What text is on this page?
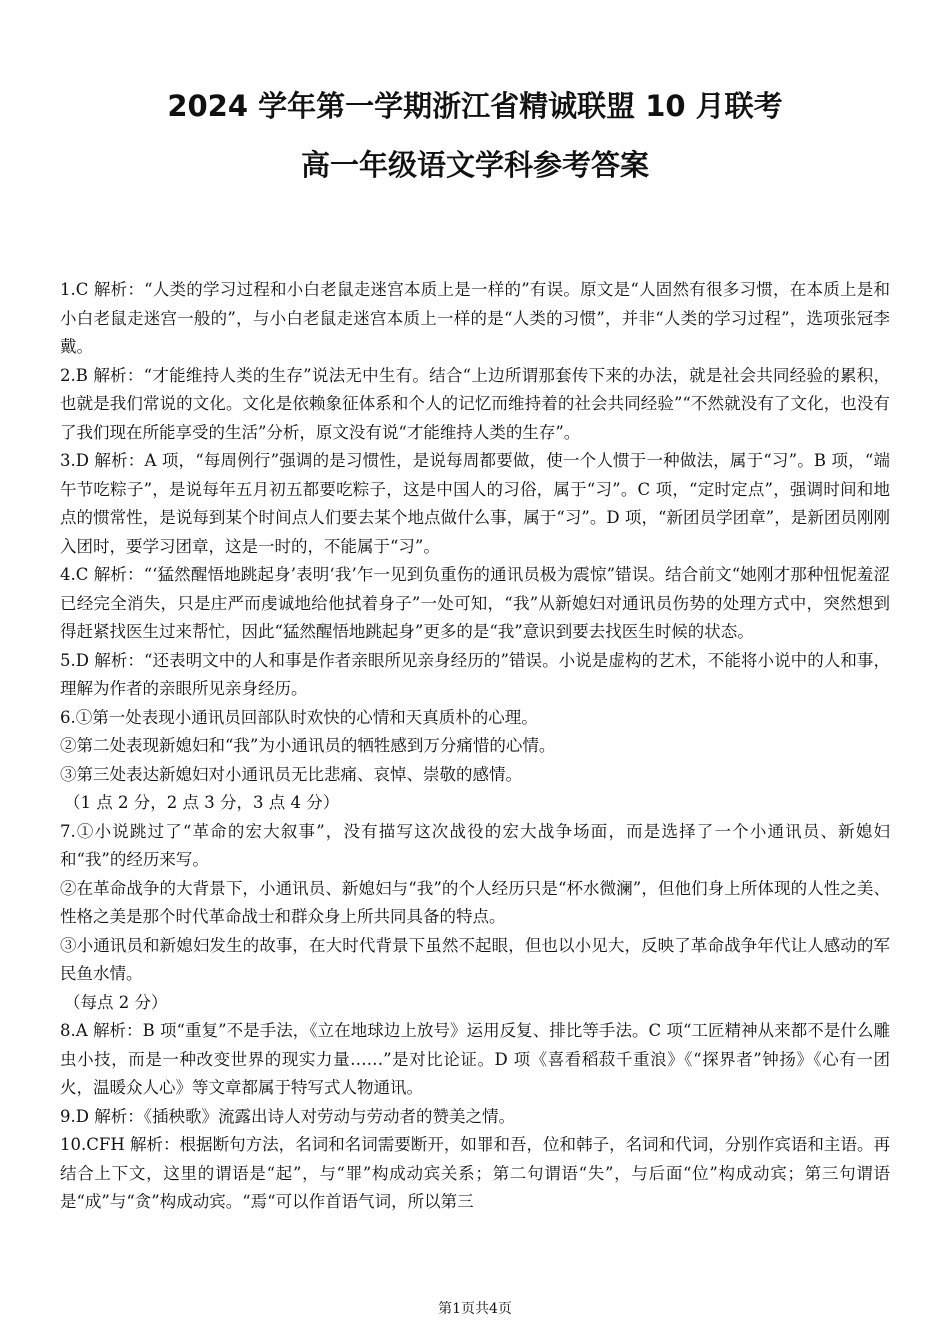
2024 学年第一学期浙江省精诚联盟 10 月联考
高一年级语文学科参考答案

1.C 解析：“人类的学习过程和小白老鼠走迷宫本质上是一样的”有误。原文是“人固然有很多习惯，在本质上是和小白老鼠走迷宫一般的”，与小白老鼠走迷宫本质上一样的是“人类的习惯”，并非“人类的学习过程”，选项张冠李戴。

2.B 解析：“才能维持人类的生存”说法无中生有。结合“上边所谓那套传下来的办法，就是社会共同经验的累积，也就是我们常说的文化。文化是依赖象征体系和个人的记忆而维持着的社会共同经验”“不然就没有了文化，也没有了我们现在所能享受的生活”分析，原文没有说“才能维持人类的生存”。

3.D 解析：A 项，“每周例行”强调的是习惯性，是说每周都要做，使一个人惯于一种做法，属于“习”。B 项，“端午节吃粽子”，是说每年五月初五都要吃粽子，这是中国人的习俗，属于“习”。C 项，“定时定点”，强调时间和地点的惯常性，是说每到某个时间点人们要去某个地点做什么事，属于“习”。D 项，“新团员学团章”，是新团员刚刚入团时，要学习团章，这是一时的，不能属于“习”。

4.C 解析：“‘猛然醒悟地跳起身’表明‘我’乍一见到负重伤的通讯员极为震惊”错误。结合前文“她刚才那种忸怩羞涩已经完全消失，只是庄严而虔诚地给他拭着身子”一处可知，“我”从新媳妇对通讯员伤势的处理方式中，突然想到得赶紧找医生过来帮忙，因此“猛然醒悟地跳起身”更多的是“我”意识到要去找医生时候的状态。

5.D 解析：“还表明文中的人和事是作者亲眼所见亲身经历的”错误。小说是虚构的艺术，不能将小说中的人和事，理解为作者的亲眼所见亲身经历。

6.①第一处表现小通讯员回部队时欢快的心情和天真质朴的心理。

②第二处表现新媳妇和“我”为小通讯员的牺牲感到万分痛惜的心情。

③第三处表达新媳妇对小通讯员无比悲痛、哀悼、崇敬的感情。

（1 点 2 分，2 点 3 分，3 点 4 分）

7.①小说跳过了“革命的宏大叙事”，没有描写这次战役的宏大战争场面，而是选择了一个小通讯员、新媳妇和“我”的经历来写。

②在革命战争的大背景下，小通讯员、新媳妇与“我”的个人经历只是“杯水微澜”，但他们身上所体现的人性之美、性格之美是那个时代革命战士和群众身上所共同具备的特点。

③小通讯员和新媳妇发生的故事，在大时代背景下虽然不起眼，但也以小见大，反映了革命战争年代让人感动的军民鱼水情。

（每点 2 分）

8.A 解析：B 项“重复”不是手法，《立在地球边上放号》运用反复、排比等手法。C 项“工匠精神从来都不是什么雕虫小技，而是一种改变世界的现实力量……”是对比论证。D 项《喜看稻菽千重浪》《“探界者”钟扬》《心有一团火，温暖众人心》等文章都属于特写式人物通讯。

9.D 解析：《插秧歌》流露出诗人对劳动与劳动者的赞美之情。

10.CFH 解析：根据断句方法，名词和名词需要断开，如罪和吾，位和韩子，名词和代词，分别作宾语和主语。再结合上下文，这里的谓语是“起”，与“罪”构成动宾关系；第二句谓语“失”，与后面“位”构成动宾；第三句谓语是“成”与“贪”构成动宾。“焉“可以作首语气词，所以第三

第1页共4页
